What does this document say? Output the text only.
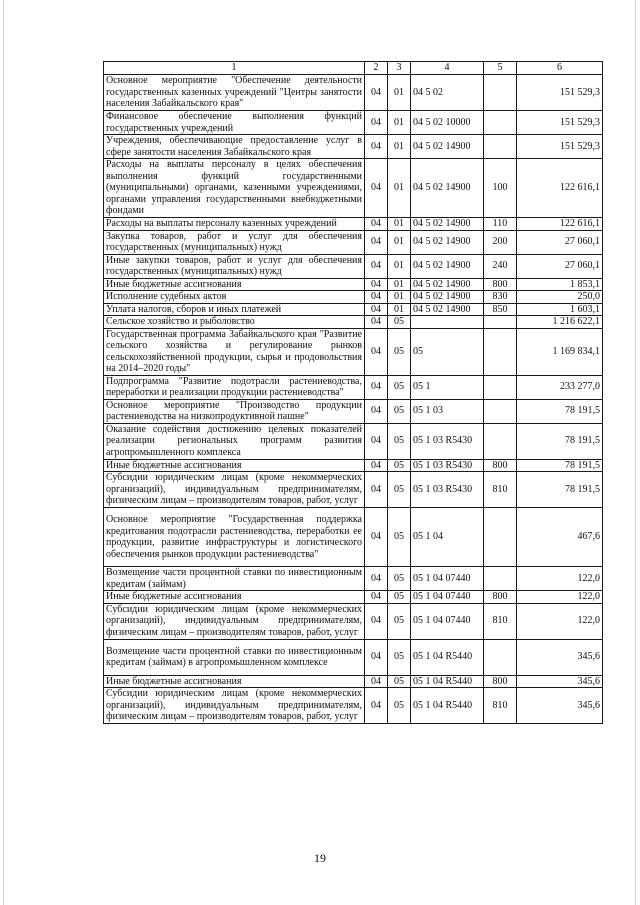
1	2	3	4	5	6
Основное мероприятие "Обеспечение деятельности государственных казенных учреждений "Центры занятости населения Забайкальского края"	04	01	04 5 02		151 529,3
Финансовое обеспечение выполнения функций государственных учреждений	04	01	04 5 02 10000		151 529,3
Учреждения, обеспечивающие предоставление услуг в сфере занятости населения Забайкальского края	04	01	04 5 02 14900		151 529,3
Расходы на выплаты персоналу в целях обеспечения выполнения функций государственными (муниципальными) органами, казенными учреждениями, органами управления государственными внебюджетными фондами	04	01	04 5 02 14900	100	122 616,1
Расходы на выплаты персоналу казенных учреждений	04	01	04 5 02 14900	110	122 616,1
Закупка товаров, работ и услуг для обеспечения государственных (муниципальных) нужд	04	01	04 5 02 14900	200	27 060,1
Иные закупки товаров, работ и услуг для обеспечения государственных (муниципальных) нужд	04	01	04 5 02 14900	240	27 060,1
Иные бюджетные ассигнования	04	01	04 5 02 14900	800	1 853,1
Исполнение судебных актов	04	01	04 5 02 14900	830	250,0
Уплата налогов, сборов и иных платежей	04	01	04 5 02 14900	850	1 603,1
Сельское хозяйство и рыболовство	04	05			1 216 622,1
Государственная программа Забайкальского края "Развитие сельского хозяйства и регулирование рынков сельскохозяйственной продукции, сырья и продовольствия на 2014–2020 годы"	04	05	05		1 169 834,1
Подпрограмма "Развитие подотрасли растениеводства, переработки и реализации продукции растениеводства"	04	05	05 1		233 277,0
Основное мероприятие "Производство продукции растениеводства на низкопродуктивной пашне"	04	05	05 1 03		78 191,5
Оказание содействия достижению целевых показателей реализации региональных программ развития агропромышленного комплекса	04	05	05 1 03 R5430		78 191,5
Иные бюджетные ассигнования	04	05	05 1 03 R5430	800	78 191,5
Субсидии юридическим лицам (кроме некоммерческих организаций), индивидуальным предпринимателям, физическим лицам – производителям товаров, работ, услуг	04	05	05 1 03 R5430	810	78 191,5
Основное мероприятие "Государственная поддержка кредитования подотрасли растениеводства, переработки ее продукции, развитие инфраструктуры и логистического обеспечения рынков продукции растениеводства"	04	05	05 1 04		467,6
Возмещение части процентной ставки по инвестиционным кредитам (займам)	04	05	05 1 04 07440		122,0
Иные бюджетные ассигнования	04	05	05 1 04 07440	800	122,0
Субсидии юридическим лицам (кроме некоммерческих организаций), индивидуальным предпринимателям, физическим лицам – производителям товаров, работ, услуг	04	05	05 1 04 07440	810	122,0
Возмещение части процентной ставки по инвестиционным кредитам (займам) в агропромышленном комплексе	04	05	05 1 04 R5440		345,6
Иные бюджетные ассигнования	04	05	05 1 04 R5440	800	345,6
Субсидии юридическим лицам (кроме некоммерческих организаций), индивидуальным предпринимателям, физическим лицам – производителям товаров, работ, услуг	04	05	05 1 04 R5440	810	345,6
19
